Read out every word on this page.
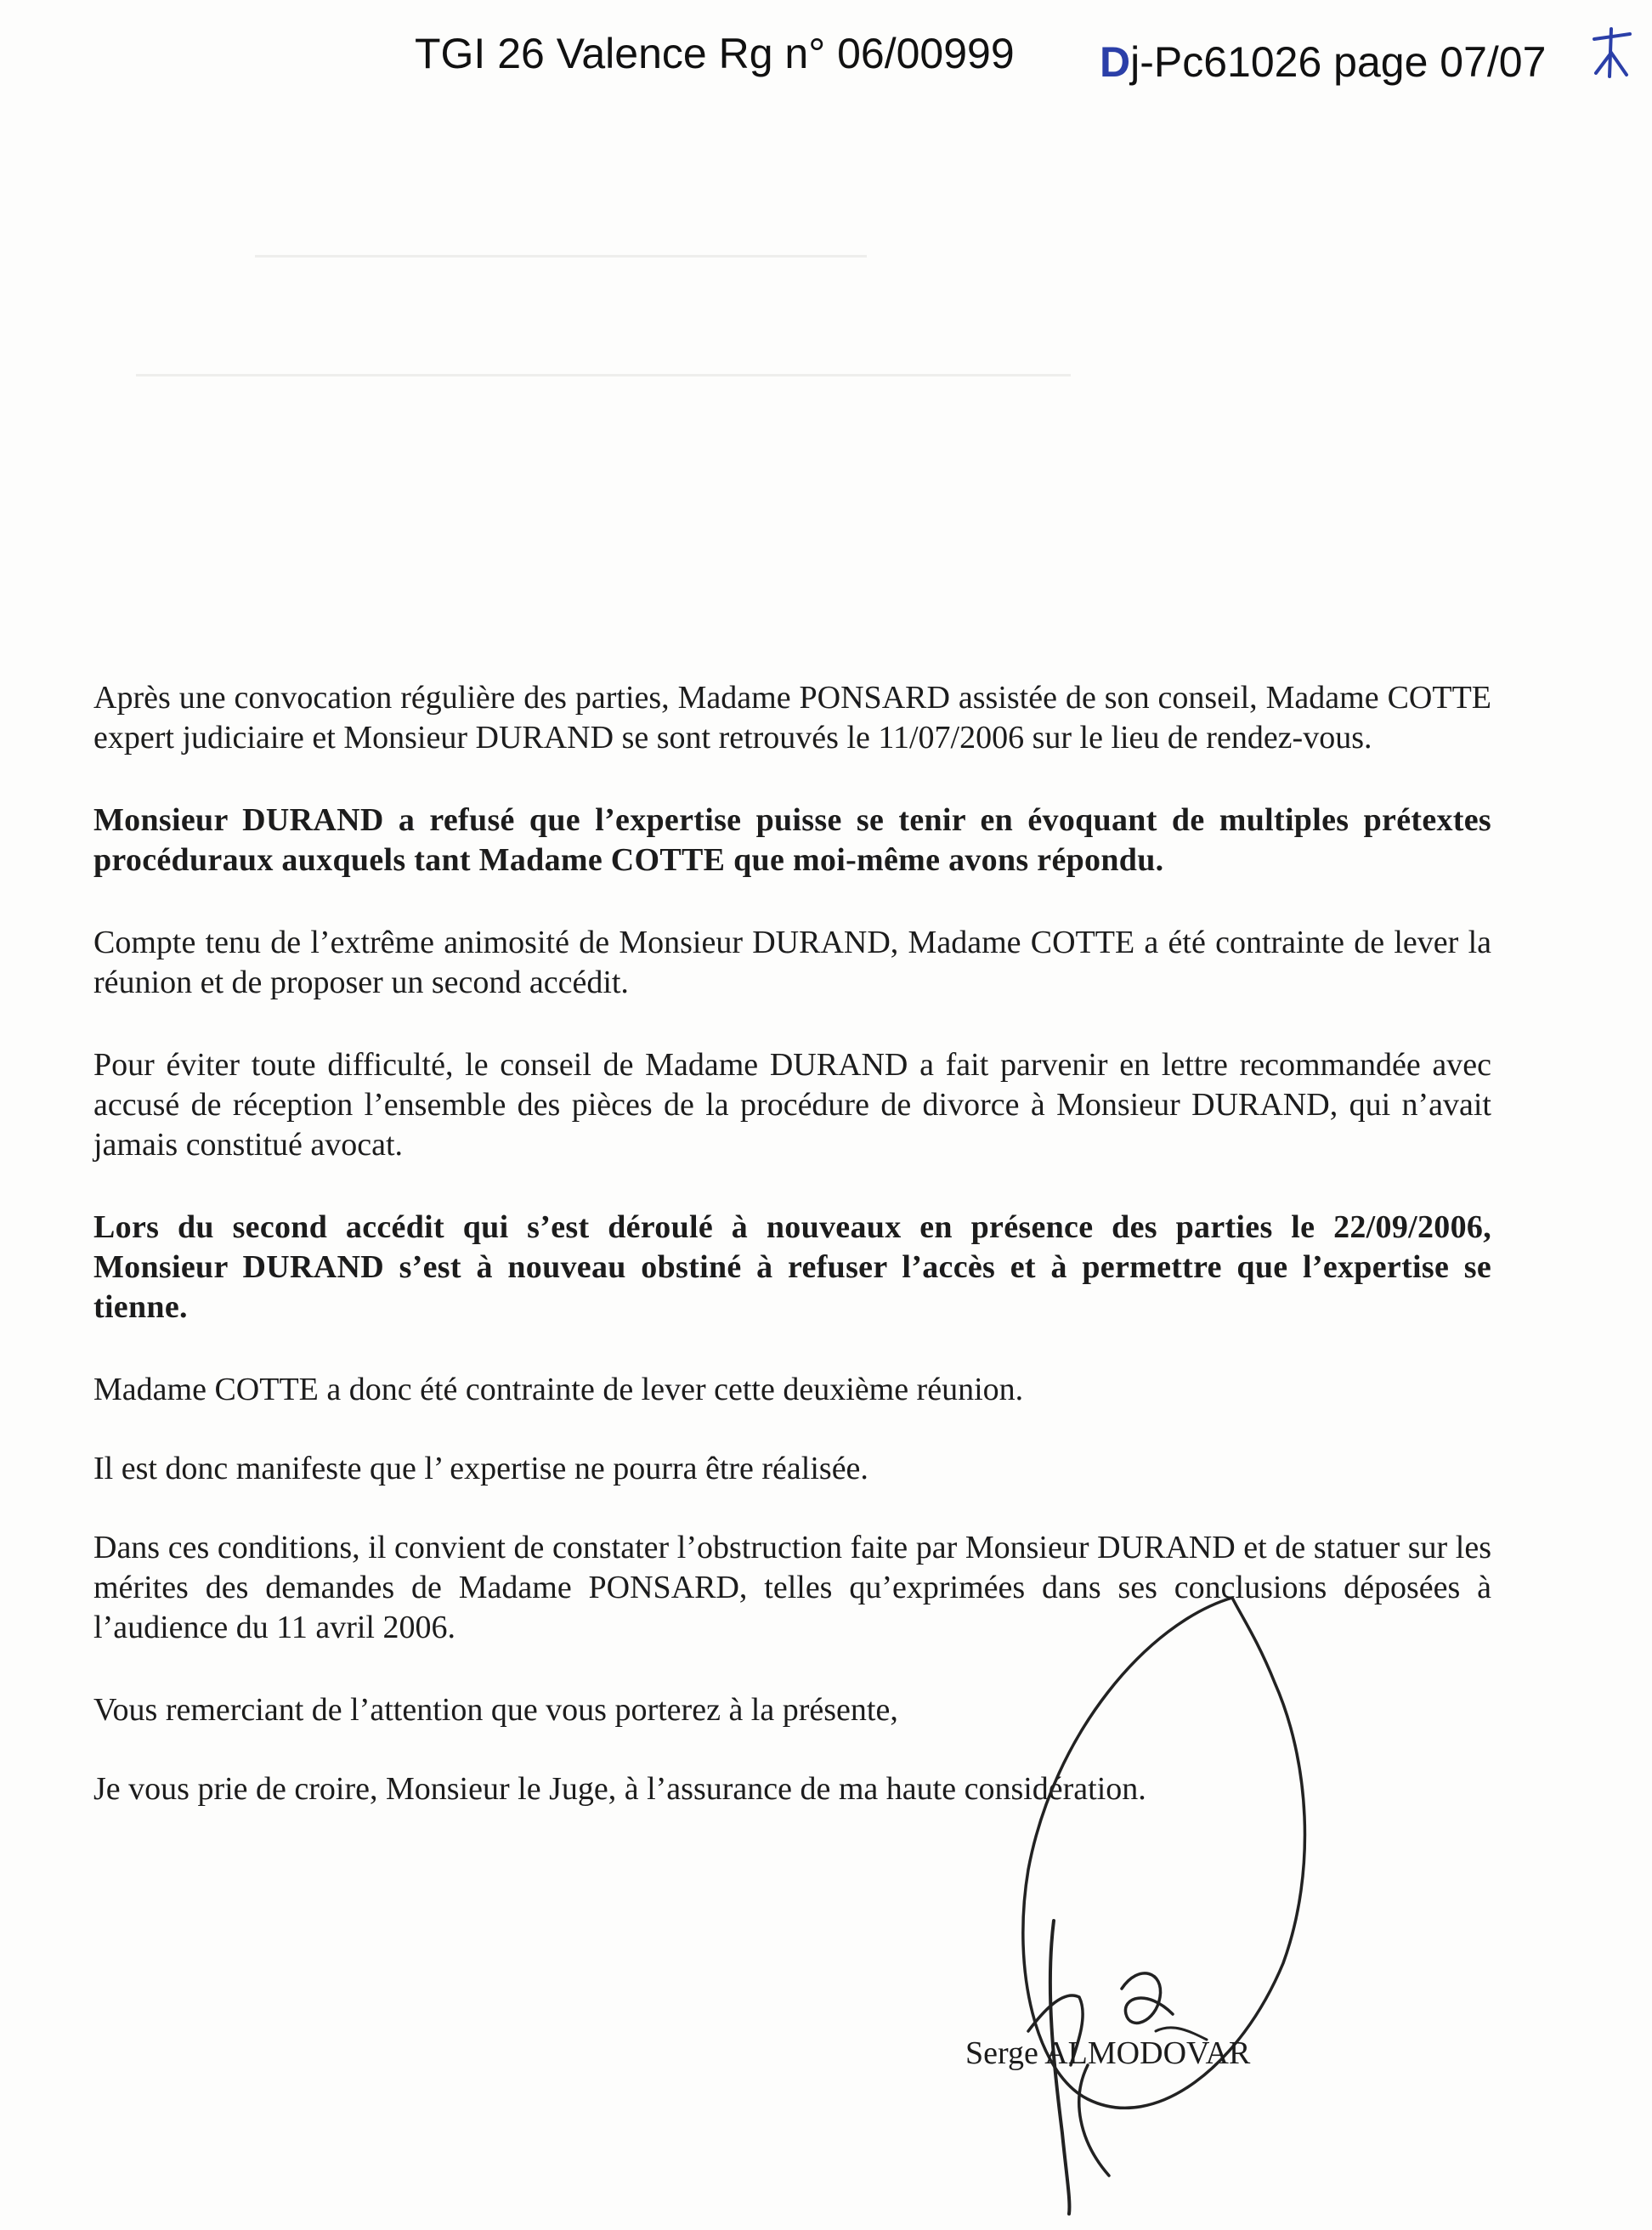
TGI 26 Valence Rg n° 06/00999 Dj-Pc61026 page 07/07

Après une convocation régulière des parties, Madame PONSARD assistée de son conseil, Madame COTTE expert judiciaire et Monsieur DURAND se sont retrouvés le 11/07/2006 sur le lieu de rendez-vous.

Monsieur DURAND a refusé que l’expertise puisse se tenir en évoquant de multiples prétextes procéduraux auxquels tant Madame COTTE que moi-même avons répondu.

Compte tenu de l’extrême animosité de Monsieur DURAND, Madame COTTE a été contrainte de lever la réunion et de proposer un second accédit.

Pour éviter toute difficulté, le conseil de Madame DURAND a fait parvenir en lettre recommandée avec accusé de réception l’ensemble des pièces de la procédure de divorce à Monsieur DURAND, qui n’avait jamais constitué avocat.

Lors du second accédit qui s’est déroulé à nouveaux en présence des parties le 22/09/2006, Monsieur DURAND s’est à nouveau obstiné à refuser l’accès et à permettre que l’expertise se tienne.

Madame COTTE a donc été contrainte de lever cette deuxième réunion.

Il est donc manifeste que l’ expertise ne pourra être réalisée.

Dans ces conditions, il convient de constater l’obstruction faite par Monsieur DURAND et de statuer sur les mérites des demandes de Madame PONSARD, telles qu’exprimées dans ses conclusions déposées à l’audience du 11 avril 2006.

Vous remerciant de l’attention que vous porterez à la présente,

Je vous prie de croire, Monsieur le Juge, à l’assurance de ma haute considération.

Serge ALMODOVAR
